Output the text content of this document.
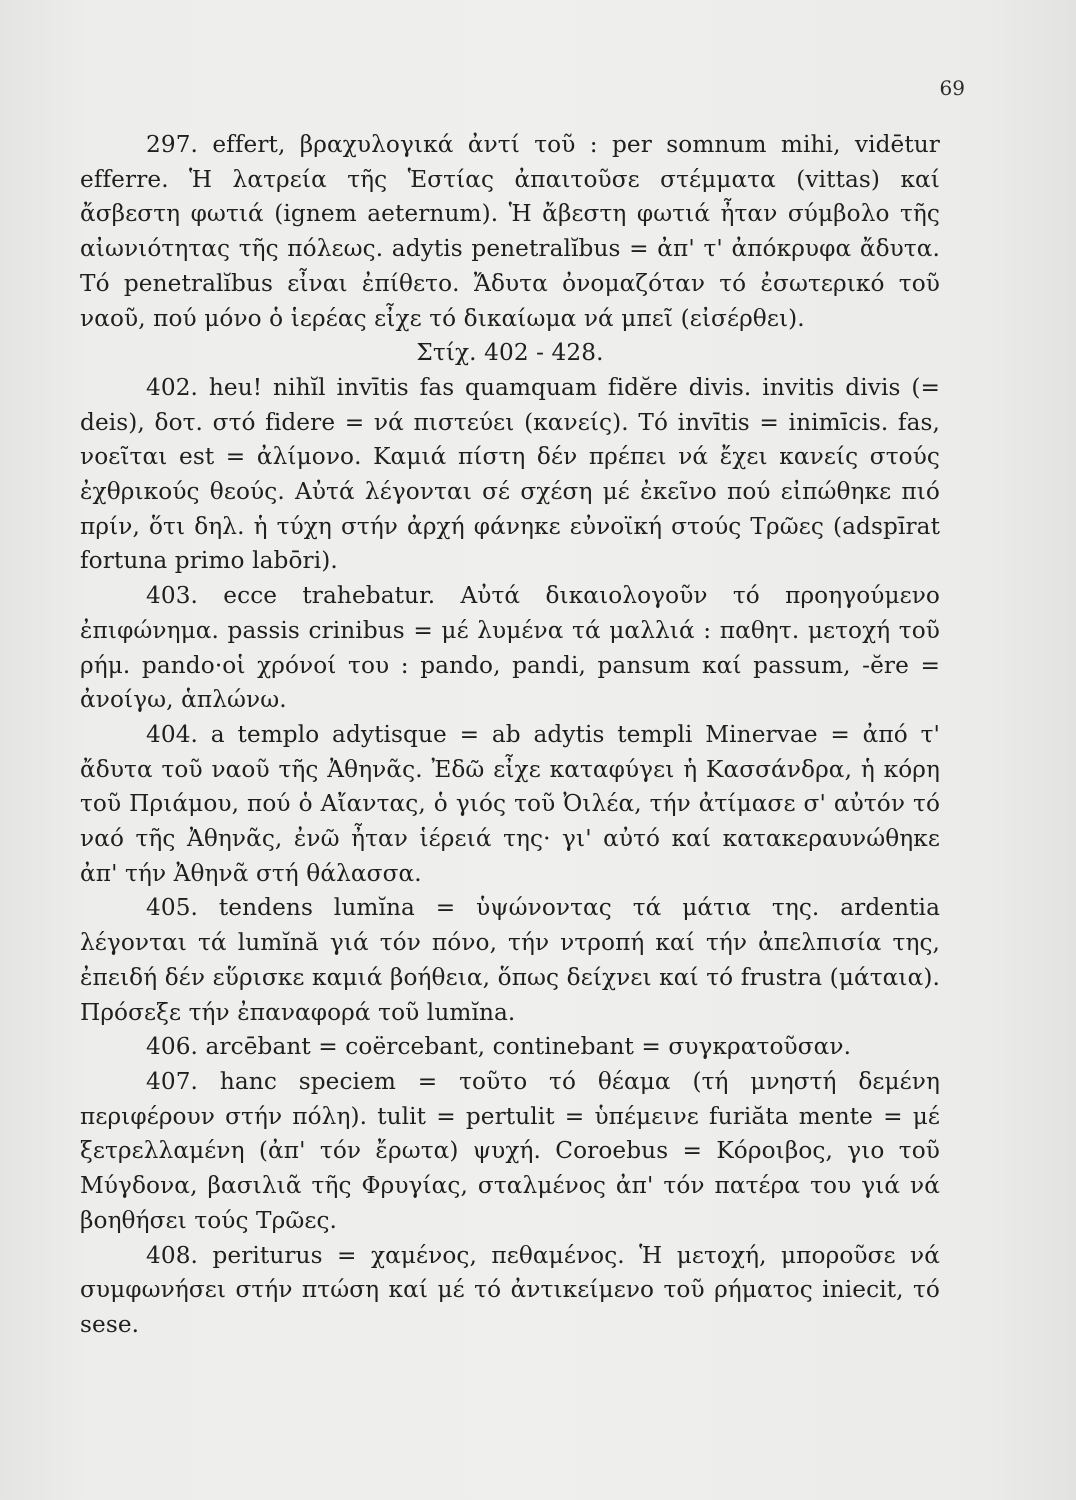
69

297. effert, βραχυλογικά ἀντί τοῦ : per somnum mihi, vidētur efferre. Ἡ λατρεία τῆς Ἑστίας ἀπαιτοῦσε στέμματα (vittas) καί ἄσβεστη φωτιά (ignem aeternum). Ἡ ἄβεστη φωτιά ἦταν σύμβολο τῆς αἰωνιότητας τῆς πόλεως. adytis penetralĭbus = ἀπ' τ' ἀπόκρυφα ἄδυτα. Τό penetralĭbus εἶναι ἐπίθετο. Ἄδυτα ὀνομαζόταν τό ἐσωτερικό τοῦ ναοῦ, πού μόνο ὁ ἱερέας εἶχε τό δικαίωμα νά μπεῖ (εἰσέρθει).

Στίχ. 402 - 428.

402. heu! nihĭl invītis fas quamquam fidĕre divis. invitis divis (= deis), δοτ. στό fidere = νά πιστεύει (κανείς). Τό invītis = inimīcis. fas, νοεῖται est = ἀλίμονο. Καμιά πίστη δέν πρέπει νά ἔχει κανείς στούς ἐχθρικούς θεούς. Αὐτά λέγονται σέ σχέση μέ ἐκεῖνο πού εἰπώθηκε πιό πρίν, ὅτι δηλ. ἡ τύχη στήν ἀρχή φάνηκε εὐνοϊκή στούς Τρῶες (adspīrat fortuna primo labōri).

403. ecce trahebatur. Αὐτά δικαιολογοῦν τό προηγούμενο ἐπιφώνημα. passis crinibus = μέ λυμένα τά μαλλιά : παθητ. μετοχή τοῦ ρήμ. pando·οἱ χρόνοί του : pando, pandi, pansum καί passum, -ĕre = ἀνοίγω, ἁπλώνω.

404. a templo adytisque = ab adytis templi Minervae = ἀπό τ' ἄδυτα τοῦ ναοῦ τῆς Ἀθηνᾶς. Ἐδῶ εἶχε καταφύγει ἡ Κασσάνδρα, ἡ κόρη τοῦ Πριάμου, πού ὁ Αἴαντας, ὁ γιός τοῦ Ὀιλέα, τήν ἀτίμασε σ' αὐτόν τό ναό τῆς Ἀθηνᾶς, ἐνῶ ἦταν ἱέρειά της· γι' αὐτό καί κατακεραυνώθηκε ἀπ' τήν Ἀθηνᾶ στή θάλασσα.

405. tendens lumĭna = ὑψώνοντας τά μάτια της. ardentia λέγονται τά lumĭnă γιά τόν πόνο, τήν ντροπή καί τήν ἀπελπισία της, ἐπειδή δέν εὕρισκε καμιά βοήθεια, ὅπως δείχνει καί τό frustra (μάταια). Πρόσεξε τήν ἐπαναφορά τοῦ lumĭna.

406. arcēbant = coërcebant, continebant = συγκρατοῦσαν.

407. hanc speciem = τοῦτο τό θέαμα (τή μνηστή δεμένη περιφέρουν στήν πόλη). tulit = pertulit = ὑπέμεινε furiăta mente = μέ ξετρελλαμένη (ἀπ' τόν ἔρωτα) ψυχή. Coroebus = Κόροιβος, γιο τοῦ Μύγδονα, βασιλιᾶ τῆς Φρυγίας, σταλμένος ἀπ' τόν πατέρα του γιά νά βοηθήσει τούς Τρῶες.

408. periturus = χαμένος, πεθαμένος. Ἡ μετοχή, μποροῦσε νά συμφωνήσει στήν πτώση καί μέ τό ἀντικείμενο τοῦ ρήματος iniecit, τό sese.
